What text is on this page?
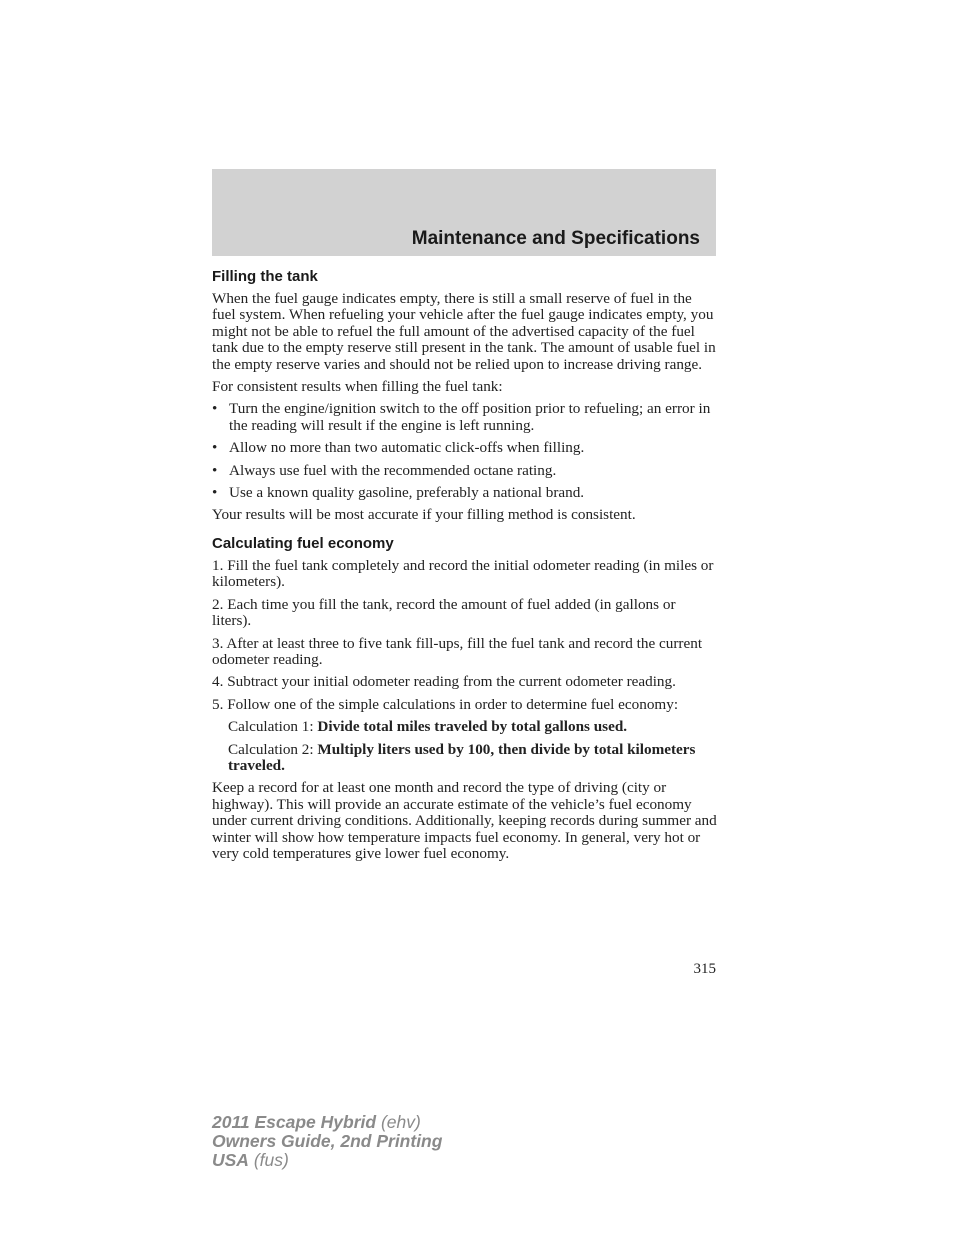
Maintenance and Specifications
Filling the tank

When the fuel gauge indicates empty, there is still a small reserve of fuel in the fuel system. When refueling your vehicle after the fuel gauge indicates empty, you might not be able to refuel the full amount of the advertised capacity of the fuel tank due to the empty reserve still present in the tank. The amount of usable fuel in the empty reserve varies and should not be relied upon to increase driving range.

For consistent results when filling the fuel tank:

• Turn the engine/ignition switch to the off position prior to refueling; an error in the reading will result if the engine is left running.
• Allow no more than two automatic click-offs when filling.
• Always use fuel with the recommended octane rating.
• Use a known quality gasoline, preferably a national brand.

Your results will be most accurate if your filling method is consistent.

Calculating fuel economy

1. Fill the fuel tank completely and record the initial odometer reading (in miles or kilometers).

2. Each time you fill the tank, record the amount of fuel added (in gallons or liters).

3. After at least three to five tank fill-ups, fill the fuel tank and record the current odometer reading.

4. Subtract your initial odometer reading from the current odometer reading.

5. Follow one of the simple calculations in order to determine fuel economy:

Calculation 1: Divide total miles traveled by total gallons used.

Calculation 2: Multiply liters used by 100, then divide by total kilometers traveled.

Keep a record for at least one month and record the type of driving (city or highway). This will provide an accurate estimate of the vehicle’s fuel economy under current driving conditions. Additionally, keeping records during summer and winter will show how temperature impacts fuel economy. In general, very hot or very cold temperatures give lower fuel economy.

315
2011 Escape Hybrid (ehv)
Owners Guide, 2nd Printing
USA (fus)
